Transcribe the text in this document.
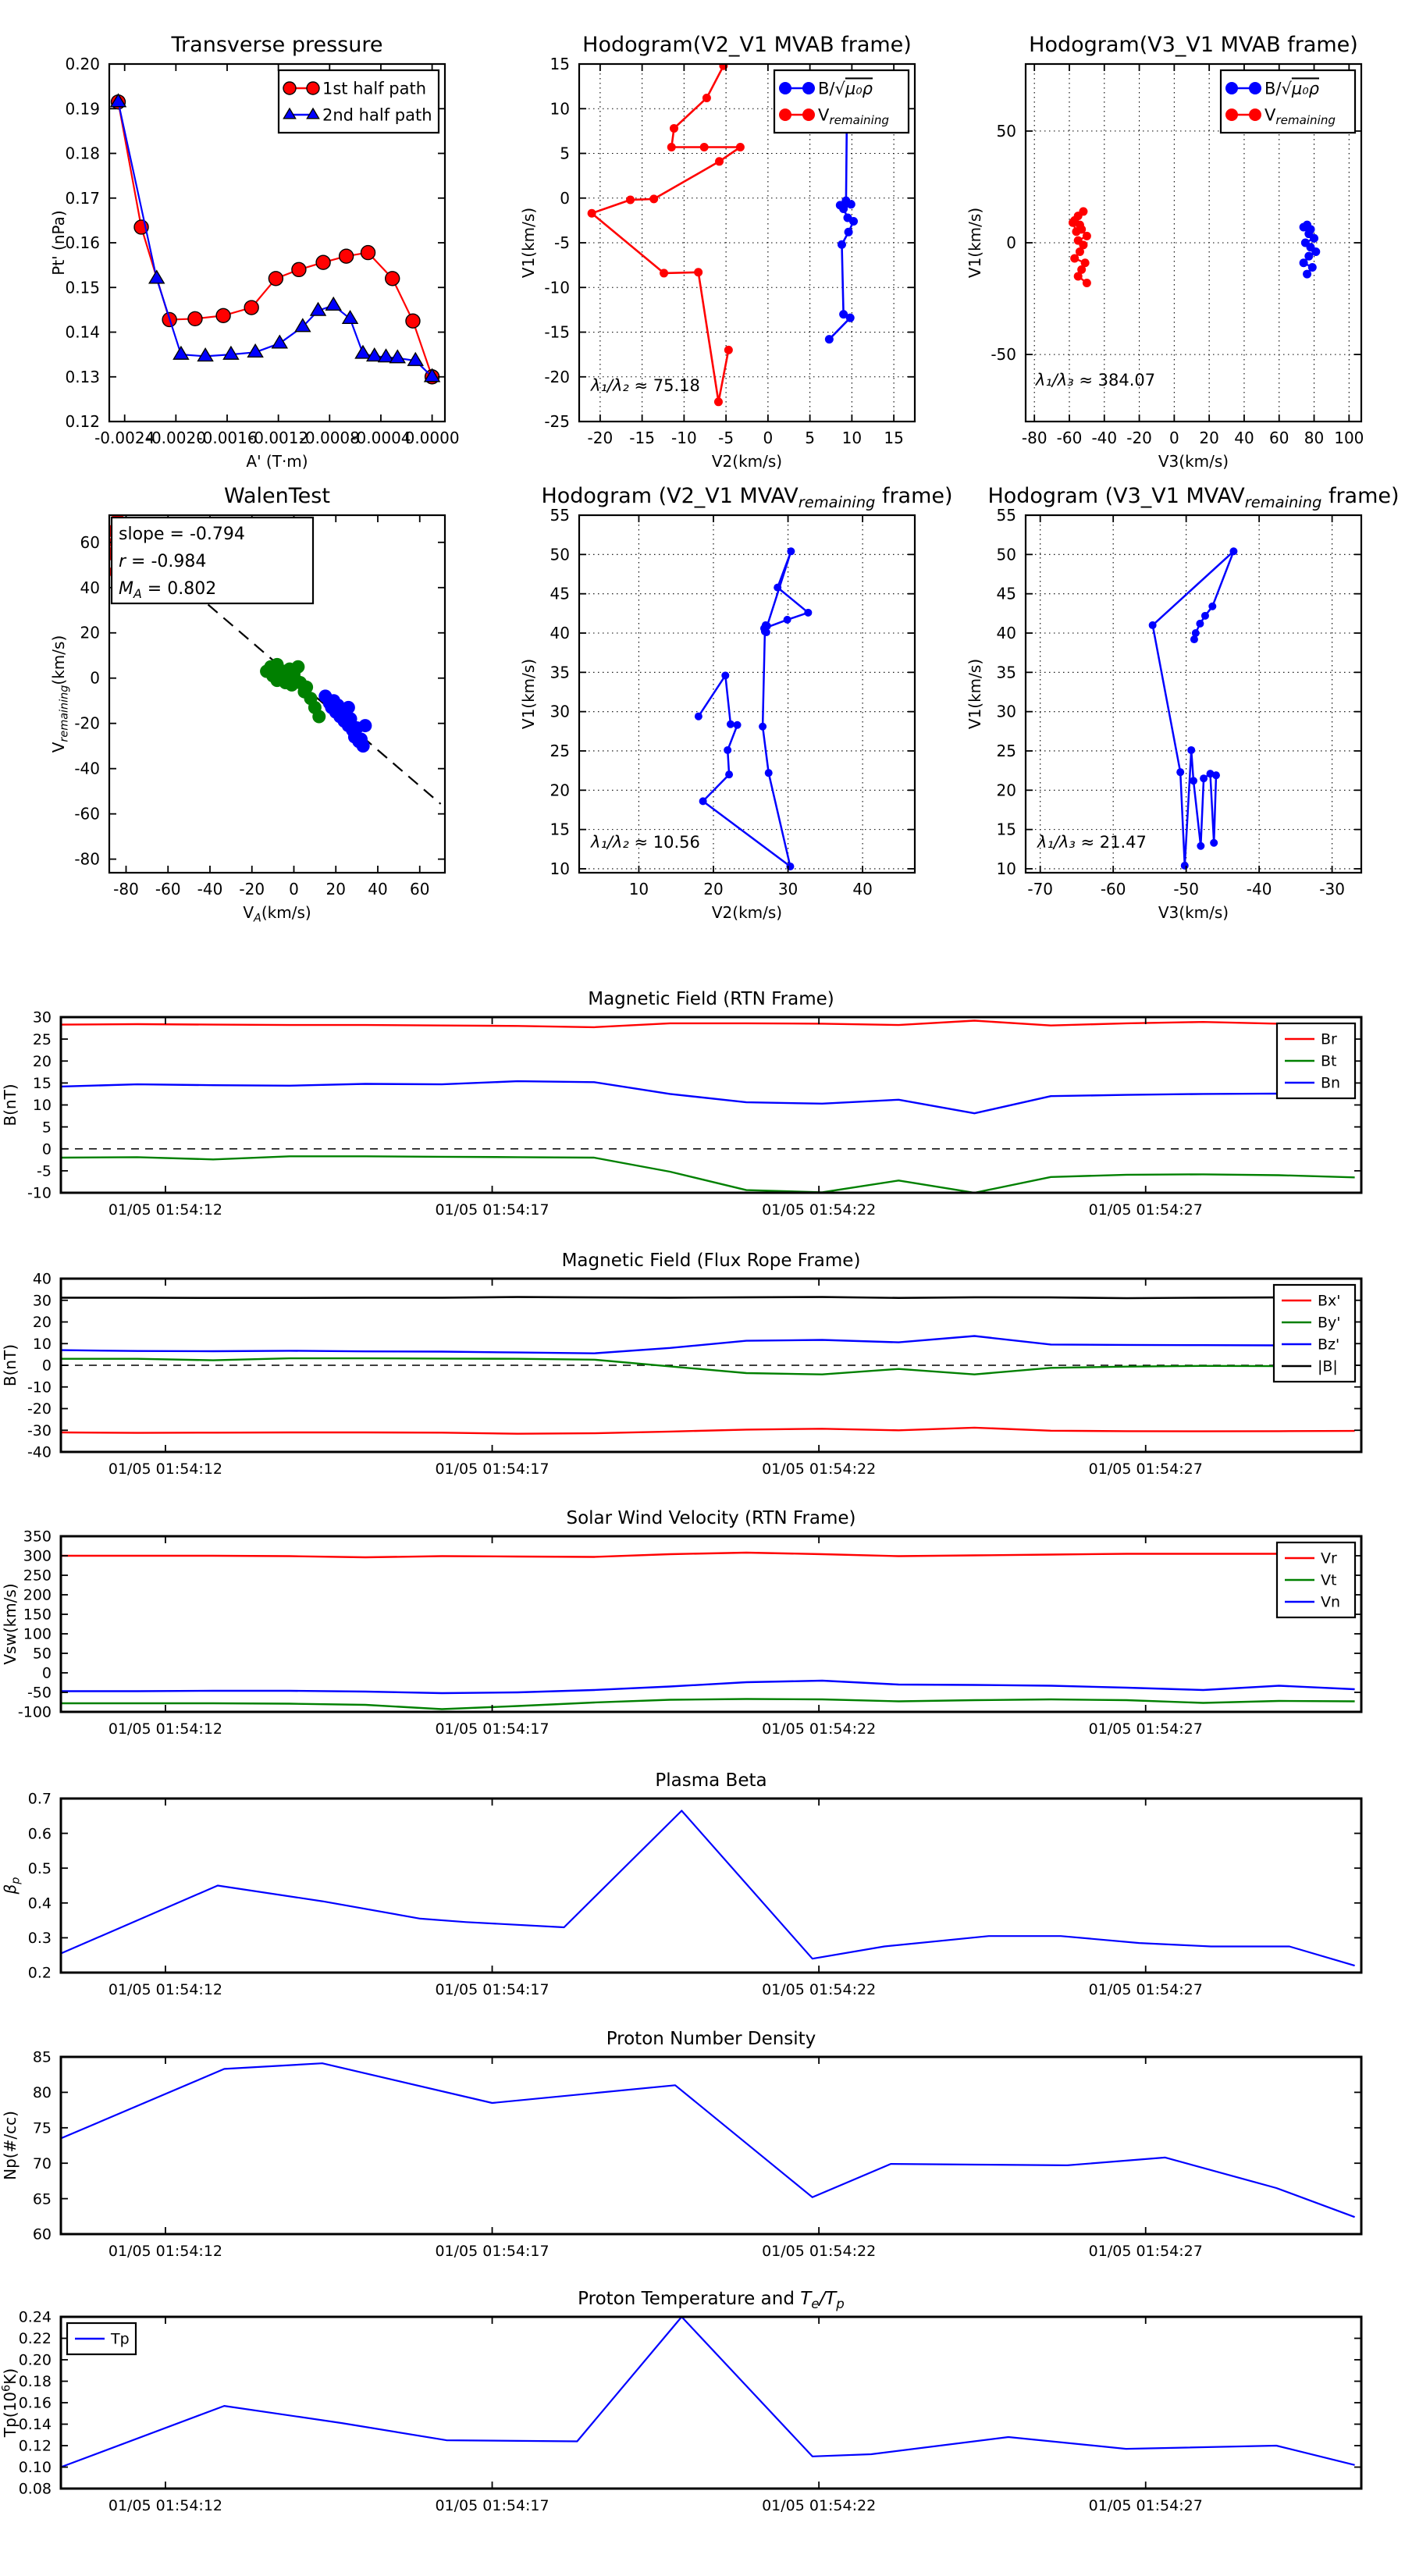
-0.0024
-0.0020
-0.0016
-0.0012
-0.0008
-0.0004
0.0000
0.12
0.13
0.14
0.15
0.16
0.17
0.18
0.19
0.20
Transverse pressure
A' (T·m)
Pt' (nPa)
1st half path
2nd half path
-20 -15 -10 -5 0 5 10 15
-25
-20
-15
-10
-5
0
5
10
15
Hodogram(V2_V1 MVAB frame)
V2(km/s)
V1(km/s)
λ₁/λ₂ ≈ 75.18
B/√μ₀ρ
$V_{remaining}$
-80 -60 -40 -20 0 20 40 60 80 100
-50
0
50
Hodogram(V3_V1 MVAB frame)
V3(km/s)
V1(km/s)
λ₁/λ₃ ≈ 384.07
B/√μ₀ρ
$V_{remaining}$
-80 -60 -40 -20 0 20 40 60
-80
-60
-40
-20
0
20
40
60
WalenTest
$V_A(km/s)$
$V_{remaining}(km/s)$
slope = -0.794
r = -0.984
$M_A = 0.802$
10	20	30	40
10
15
20
25
30
35
40
45
50
55
Hodogram (V2_V1 $MVAV_{remaining}$ frame)
V2(km/s)
V1(km/s)
λ₁/λ₂ ≈ 10.56
-70	-60	-50	-40	-30
10
15
20
25
30
35
40
45
50
55
Hodogram (V3_V1 $MVAV_{remaining}$ frame)
V3(km/s)
V1(km/s)
λ₁/λ₃ ≈ 21.47
01/05 01:54:12	01/05 01:54:17	01/05 01:54:22	01/05 01:54:27
-10
-5
0
5
10
15
20
25
30
Magnetic Field (RTN Frame)
B(nT)
Br
Bt
Bn
01/05 01:54:12	01/05 01:54:17	01/05 01:54:22	01/05 01:54:27
-40
-30
-20
-10
0
10
20
30
40
Magnetic Field (Flux Rope Frame)
B(nT)
Bx'
By'
Bz'
|B|
01/05 01:54:12	01/05 01:54:17	01/05 01:54:22	01/05 01:54:27
-100
-50
0
50
100
150
200
250
300
350
Solar Wind Velocity (RTN Frame)
Vsw(km/s)
Vr
Vt
Vn
01/05 01:54:12	01/05 01:54:17	01/05 01:54:22	01/05 01:54:27
0.2
0.3
0.4
0.5
0.6
0.7
Plasma Beta
$\beta_p$
01/05 01:54:12	01/05 01:54:17	01/05 01:54:22	01/05 01:54:27
60
65
70
75
80
85
Proton Number Density
Np(#/cc)
01/05 01:54:12	01/05 01:54:17	01/05 01:54:22	01/05 01:54:27
0.08
0.10
0.12
0.14
0.16
0.18
0.20
0.22
0.24
Proton Temperature and $T_e/T_p$
$Tp(10^6K)$
Tp
